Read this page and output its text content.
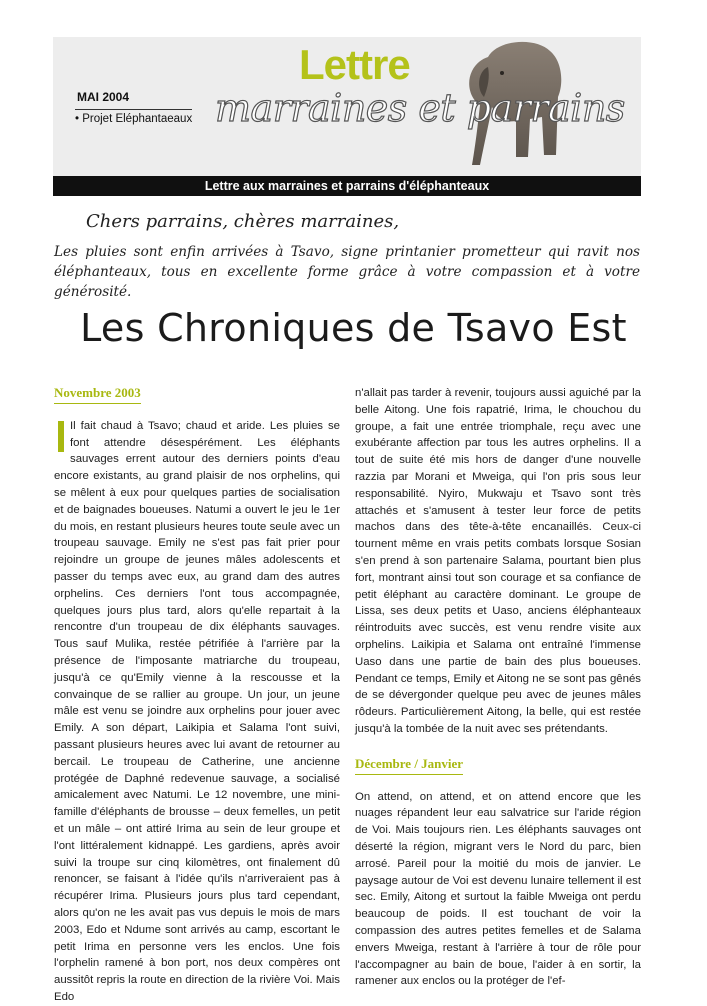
Lettre
marraines et parrains
MAI 2004
• Projet Eléphantaeaux
Lettre aux marraines et parrains d'éléphanteaux
Chers parrains, chères marraines,
Les pluies sont enfin arrivées à Tsavo, signe printanier prometteur qui ravit nos éléphanteaux, tous en excellente forme grâce à votre compassion et à votre générosité.
Les Chroniques de Tsavo Est
Novembre 2003

Il fait chaud à Tsavo; chaud et aride. Les pluies se font attendre désespérément. Les éléphants sauvages errent autour des derniers points d'eau encore existants, au grand plaisir de nos orphelins, qui se mêlent à eux pour quelques parties de socialisation et de baignades boueuses. Natumi a ouvert le jeu le 1er du mois, en restant plusieurs heures toute seule avec un troupeau sauvage. Emily ne s'est pas fait prier pour rejoindre un groupe de jeunes mâles adolescents et passer du temps avec eux, au grand dam des autres orphelins. Ces derniers l'ont tous accompagnée, quelques jours plus tard, alors qu'elle repartait à la rencontre d'un troupeau de dix éléphants sauvages. Tous sauf Mulika, restée pétrifiée à l'arrière par la présence de l'imposante matriarche du troupeau, jusqu'à ce qu'Emily vienne à la rescousse et la convainque de se rallier au groupe. Un jour, un jeune mâle est venu se joindre aux orphelins pour jouer avec Emily. A son départ, Laikipia et Salama l'ont suivi, passant plusieurs heures avec lui avant de retourner au bercail. Le troupeau de Catherine, une ancienne protégée de Daphné redevenue sauvage, a socialisé amicalement avec Natumi. Le 12 novembre, une mini-famille d'éléphants de brousse – deux femelles, un petit et un mâle – ont attiré Irima au sein de leur groupe et l'ont littéralement kidnappé. Les gardiens, après avoir suivi la troupe sur cinq kilomètres, ont finalement dû renoncer, se faisant à l'idée qu'ils n'arriveraient pas à récupérer Irima. Plusieurs jours plus tard cependant, alors qu'on ne les avait pas vus depuis le mois de mars 2003, Edo et Ndume sont arrivés au camp, escortant le petit Irima en personne vers les enclos. Une fois l'orphelin ramené à bon port, nos deux compères ont aussitôt repris la route en direction de la rivière Voi. Mais Edo

n'allait pas tarder à revenir, toujours aussi aguiché par la belle Aitong. Une fois rapatrié, Irima, le chouchou du groupe, a fait une entrée triomphale, reçu avec une exubérante affection par tous les autres orphelins. Il a tout de suite été mis hors de danger d'une nouvelle razzia par Morani et Mweiga, qui l'on pris sous leur responsabilité. Nyiro, Mukwaju et Tsavo sont très attachés et s'amusent à tester leur force de petits machos dans des tête-à-tête encanaillés. Ceux-ci tournent même en vrais petits combats lorsque Sosian s'en prend à son partenaire Salama, pourtant bien plus fort, montrant ainsi tout son courage et sa confiance de petit éléphant au caractère dominant. Le groupe de Lissa, ses deux petits et Uaso, anciens éléphanteaux réintroduits avec succès, est venu rendre visite aux orphelins. Laikipia et Salama ont entraîné l'immense Uaso dans une partie de bain des plus boueuses. Pendant ce temps, Emily et Aitong ne se sont pas gênés de se dévergonder quelque peu avec de jeunes mâles rôdeurs. Particulièrement Aitong, la belle, qui est restée jusqu'à la tombée de la nuit avec ses prétendants.

Décembre / Janvier

On attend, on attend, et on attend encore que les nuages répandent leur eau salvatrice sur l'aride région de Voi. Mais toujours rien. Les éléphants sauvages ont déserté la région, migrant vers le Nord du parc, bien arrosé. Pareil pour la moitié du mois de janvier. Le paysage autour de Voi est devenu lunaire tellement il est sec. Emily, Aitong et surtout la faible Mweiga ont perdu beaucoup de poids. Il est touchant de voir la compassion des autres petites femelles et de Salama envers Mweiga, restant à l'arrière à tour de rôle pour l'accompagner au bain de boue, l'aider à en sortir, la ramener aux enclos ou la protéger de l'ef-
